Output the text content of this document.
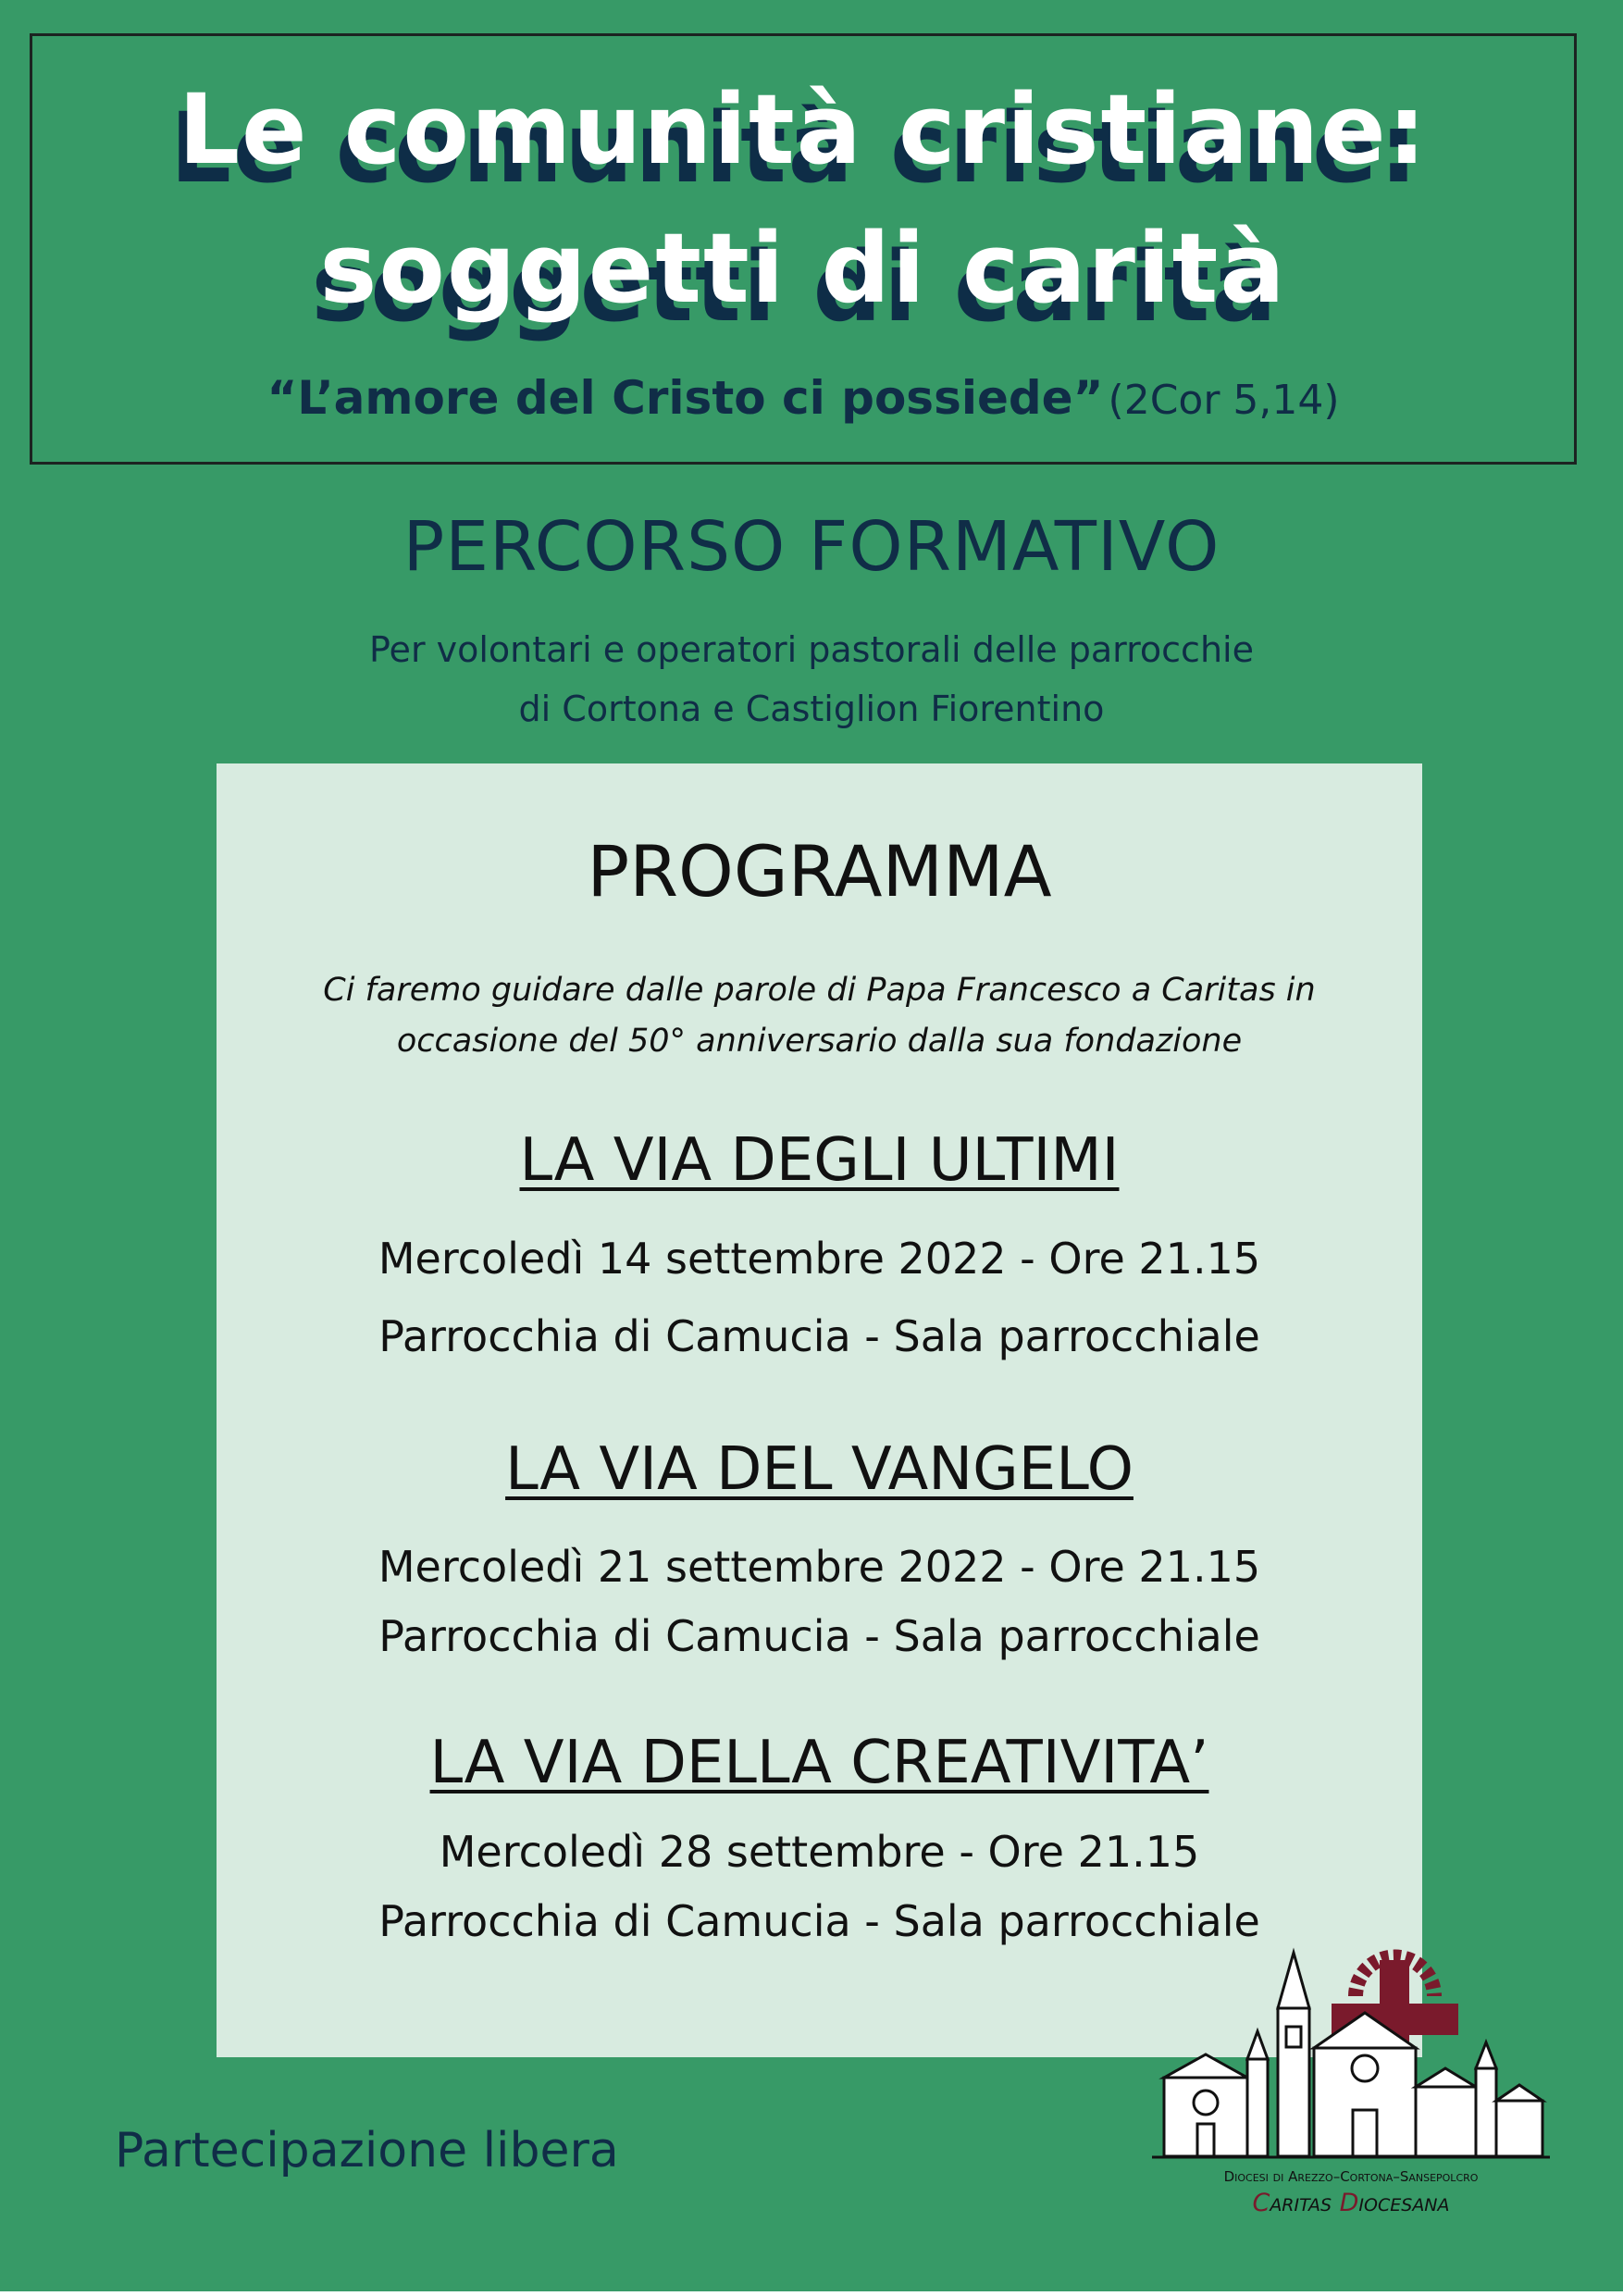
Le comunità cristiane:
soggetti di carità
“L’amore del Cristo ci possiede” (2Cor 5,14)
PERCORSO FORMATIVO
Per volontari e operatori pastorali delle parrocchie
di Cortona e Castiglion Fiorentino
PROGRAMMA
Ci faremo guidare dalle parole di Papa Francesco a Caritas in
occasione del 50° anniversario dalla sua fondazione
LA VIA DEGLI ULTIMI
Mercoledì 14 settembre 2022 - Ore 21.15
Parrocchia di Camucia - Sala parrocchiale
LA VIA DEL VANGELO
Mercoledì 21 settembre 2022 - Ore 21.15
Parrocchia di Camucia - Sala parrocchiale
LA VIA DELLA CREATIVITA’
Mercoledì 28 settembre - Ore 21.15
Parrocchia di Camucia - Sala parrocchiale
Partecipazione libera	Diocesi di Arezzo–Cortona–Sansepolcro
Caritas Diocesana
